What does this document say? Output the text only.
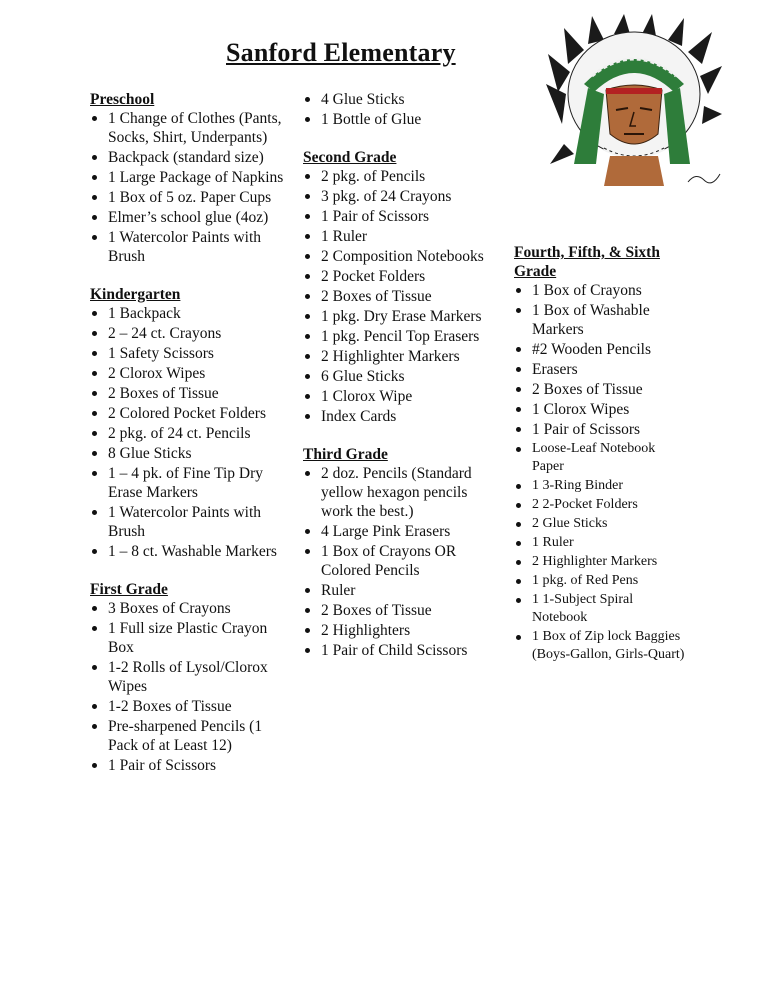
Sanford Elementary
Preschool
1 Change of Clothes (Pants, Socks, Shirt, Underpants)
Backpack (standard size)
1 Large Package of Napkins
1 Box of 5 oz. Paper Cups
Elmer’s school glue (4oz)
1 Watercolor Paints with Brush
Kindergarten
1 Backpack
2 – 24 ct. Crayons
1 Safety Scissors
2 Clorox Wipes
2 Boxes of Tissue
2 Colored Pocket Folders
2 pkg. of 24 ct. Pencils
8 Glue Sticks
1 – 4 pk. of Fine Tip Dry Erase Markers
1 Watercolor Paints with Brush
1 – 8 ct. Washable Markers
First Grade
3 Boxes of Crayons
1 Full size Plastic Crayon Box
1-2 Rolls of Lysol/Clorox Wipes
1-2 Boxes of Tissue
Pre-sharpened Pencils (1 Pack of at Least 12)
1 Pair of Scissors
4 Glue Sticks
1 Bottle of Glue
Second Grade
2 pkg. of Pencils
3 pkg. of 24 Crayons
1 Pair of Scissors
1 Ruler
2 Composition Notebooks
2 Pocket Folders
2 Boxes of Tissue
1 pkg. Dry Erase Markers
1 pkg. Pencil Top Erasers
2 Highlighter Markers
6 Glue Sticks
1 Clorox Wipe
Index Cards
Third Grade
2 doz. Pencils (Standard yellow hexagon pencils work the best.)
4 Large Pink Erasers
1 Box of Crayons OR Colored Pencils
Ruler
2 Boxes of Tissue
2 Highlighters
1 Pair of Child Scissors
Fourth, Fifth, & Sixth Grade
1 Box of Crayons
1 Box of Washable Markers
#2 Wooden Pencils
Erasers
2 Boxes of Tissue
1 Clorox Wipes
1 Pair of Scissors
Loose-Leaf Notebook Paper
1 3-Ring Binder
2 2-Pocket Folders
2 Glue Sticks
1 Ruler
2 Highlighter Markers
1 pkg. of Red Pens
1 1-Subject Spiral Notebook
1 Box of Zip lock Baggies (Boys-Gallon, Girls-Quart)
